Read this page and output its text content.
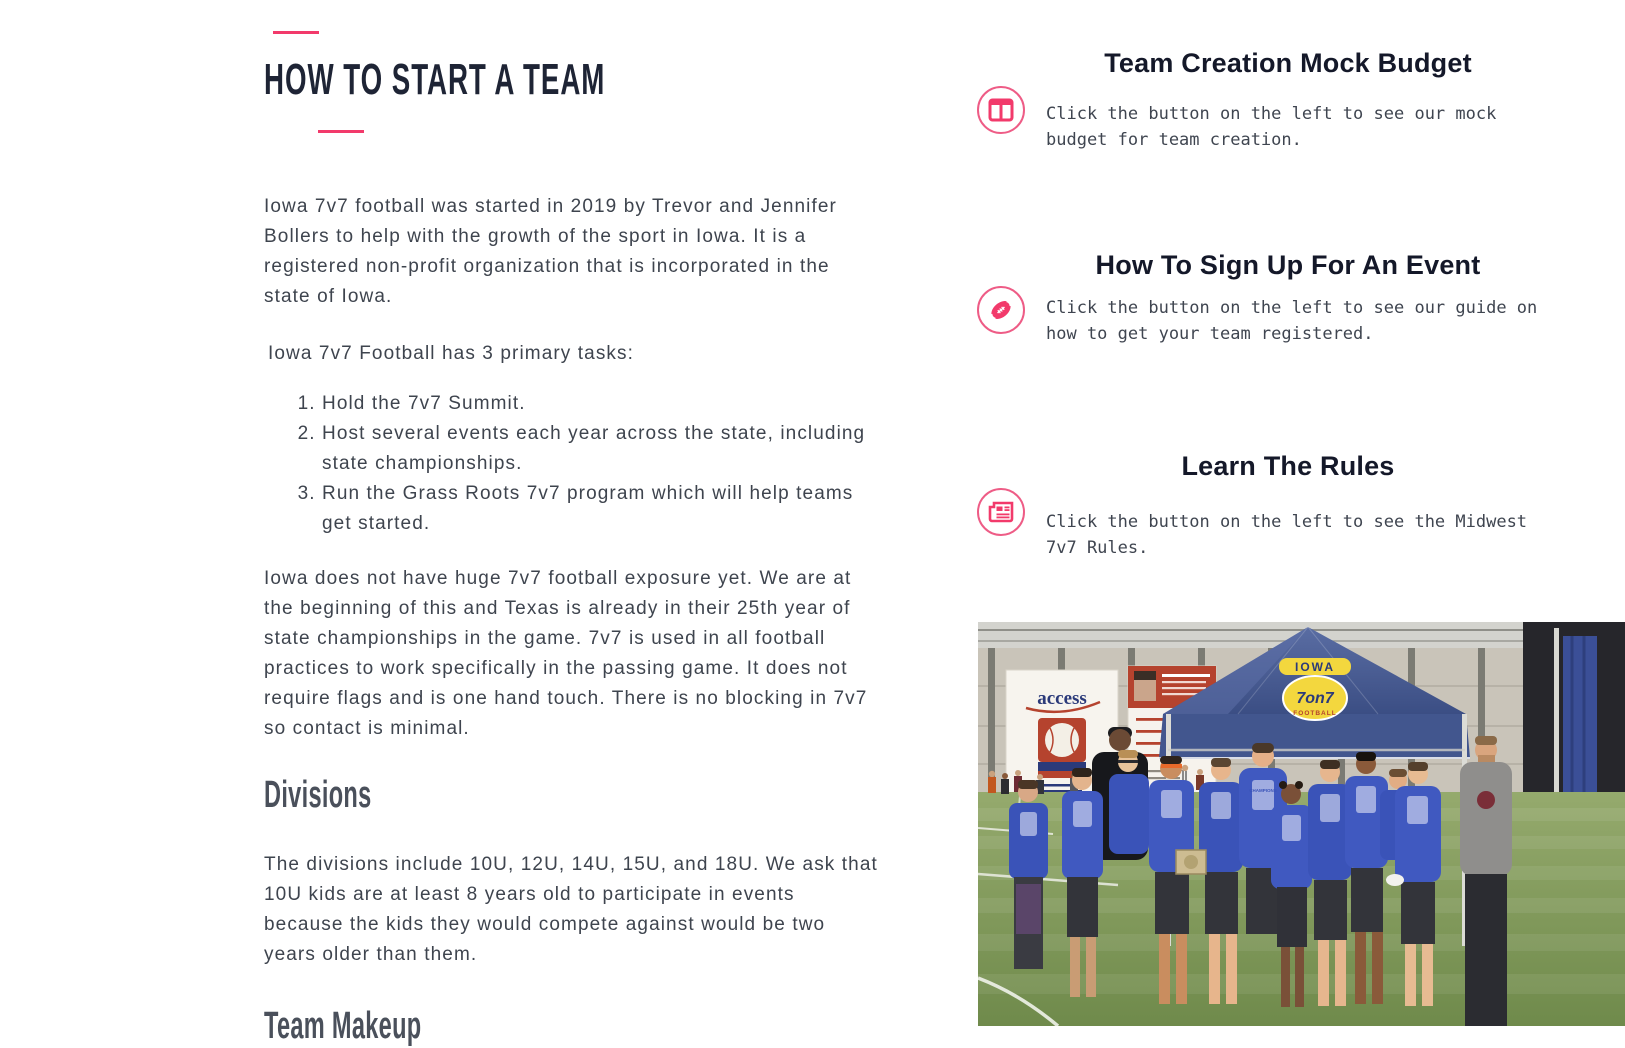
HOW TO START A TEAM

Iowa 7v7 football was started in 2019 by Trevor and Jennifer Bollers to help with the growth of the sport in Iowa. It is a registered non-profit organization that is incorporated in the state of Iowa.

Iowa 7v7 Football has 3 primary tasks:

1. Hold the 7v7 Summit.
2. Host several events each year across the state, including state championships.
3. Run the Grass Roots 7v7 program which will help teams get started.

Iowa does not have huge 7v7 football exposure yet. We are at the beginning of this and Texas is already in their 25th year of state championships in the game. 7v7 is used in all football practices to work specifically in the passing game. It does not require flags and is one hand touch. There is no blocking in 7v7 so contact is minimal.

Divisions

The divisions include 10U, 12U, 14U, 15U, and 18U. We ask that 10U kids are at least 8 years old to participate in events because the kids they would compete against would be two years older than them.

Team Makeup
Team Creation Mock Budget

Click the button on the left to see our mock budget for team creation.

How To Sign Up For An Event

Click the button on the left to see our guide on how to get your team registered.

Learn The Rules

Click the button on the left to see the Midwest 7v7 Rules.

access
IOWA
7on7
FOOTBALL
CHAMPIONS
